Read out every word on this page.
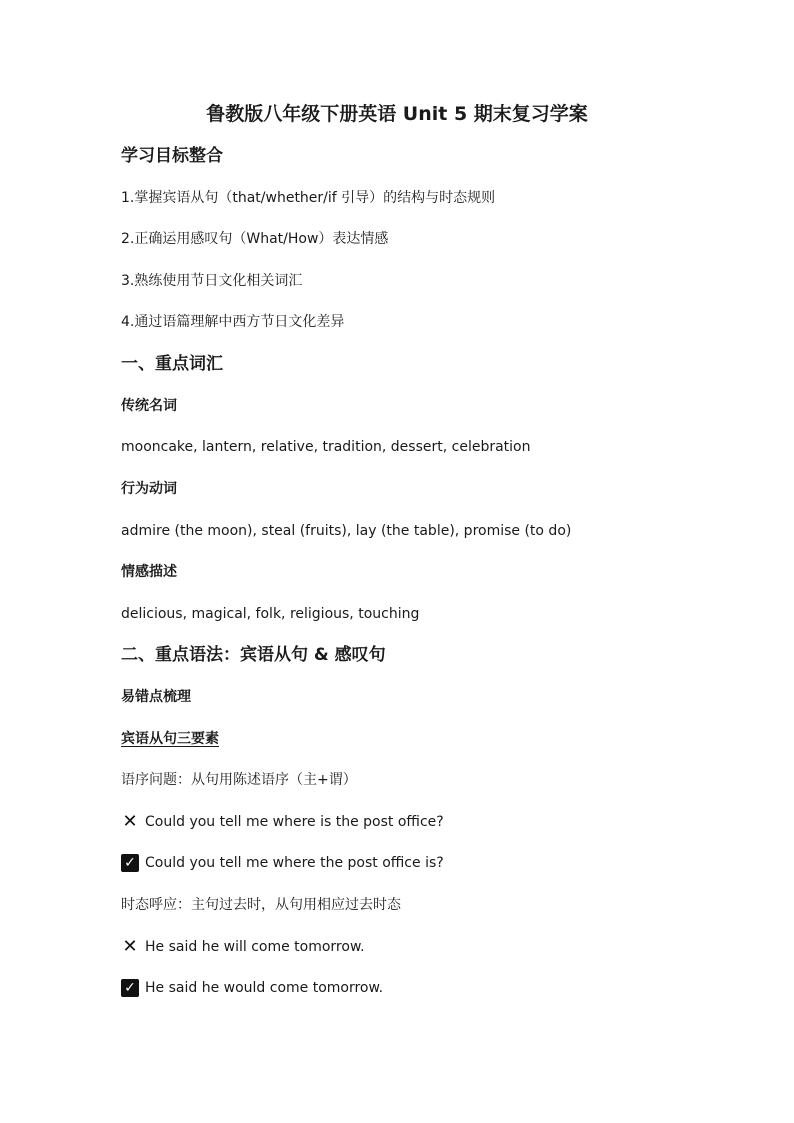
鲁教版八年级下册英语 Unit 5 期末复习学案
学习目标整合
1.掌握宾语从句（that/whether/if 引导）的结构与时态规则
2.正确运用感叹句（What/How）表达情感
3.熟练使用节日文化相关词汇
4.通过语篇理解中西方节日文化差异
一、重点词汇
传统名词
mooncake, lantern, relative, tradition, dessert, celebration
行为动词
admire (the moon), steal (fruits), lay (the table), promise (to do)
情感描述
delicious, magical, folk, religious, touching
二、重点语法：宾语从句 & 感叹句
易错点梳理
宾语从句三要素
语序问题：从句用陈述语序（主+谓）
✕ Could you tell me where is the post office?
✓ Could you tell me where the post office is?
时态呼应：主句过去时，从句用相应过去时态
✕ He said he will come tomorrow.
✓ He said he would come tomorrow.
